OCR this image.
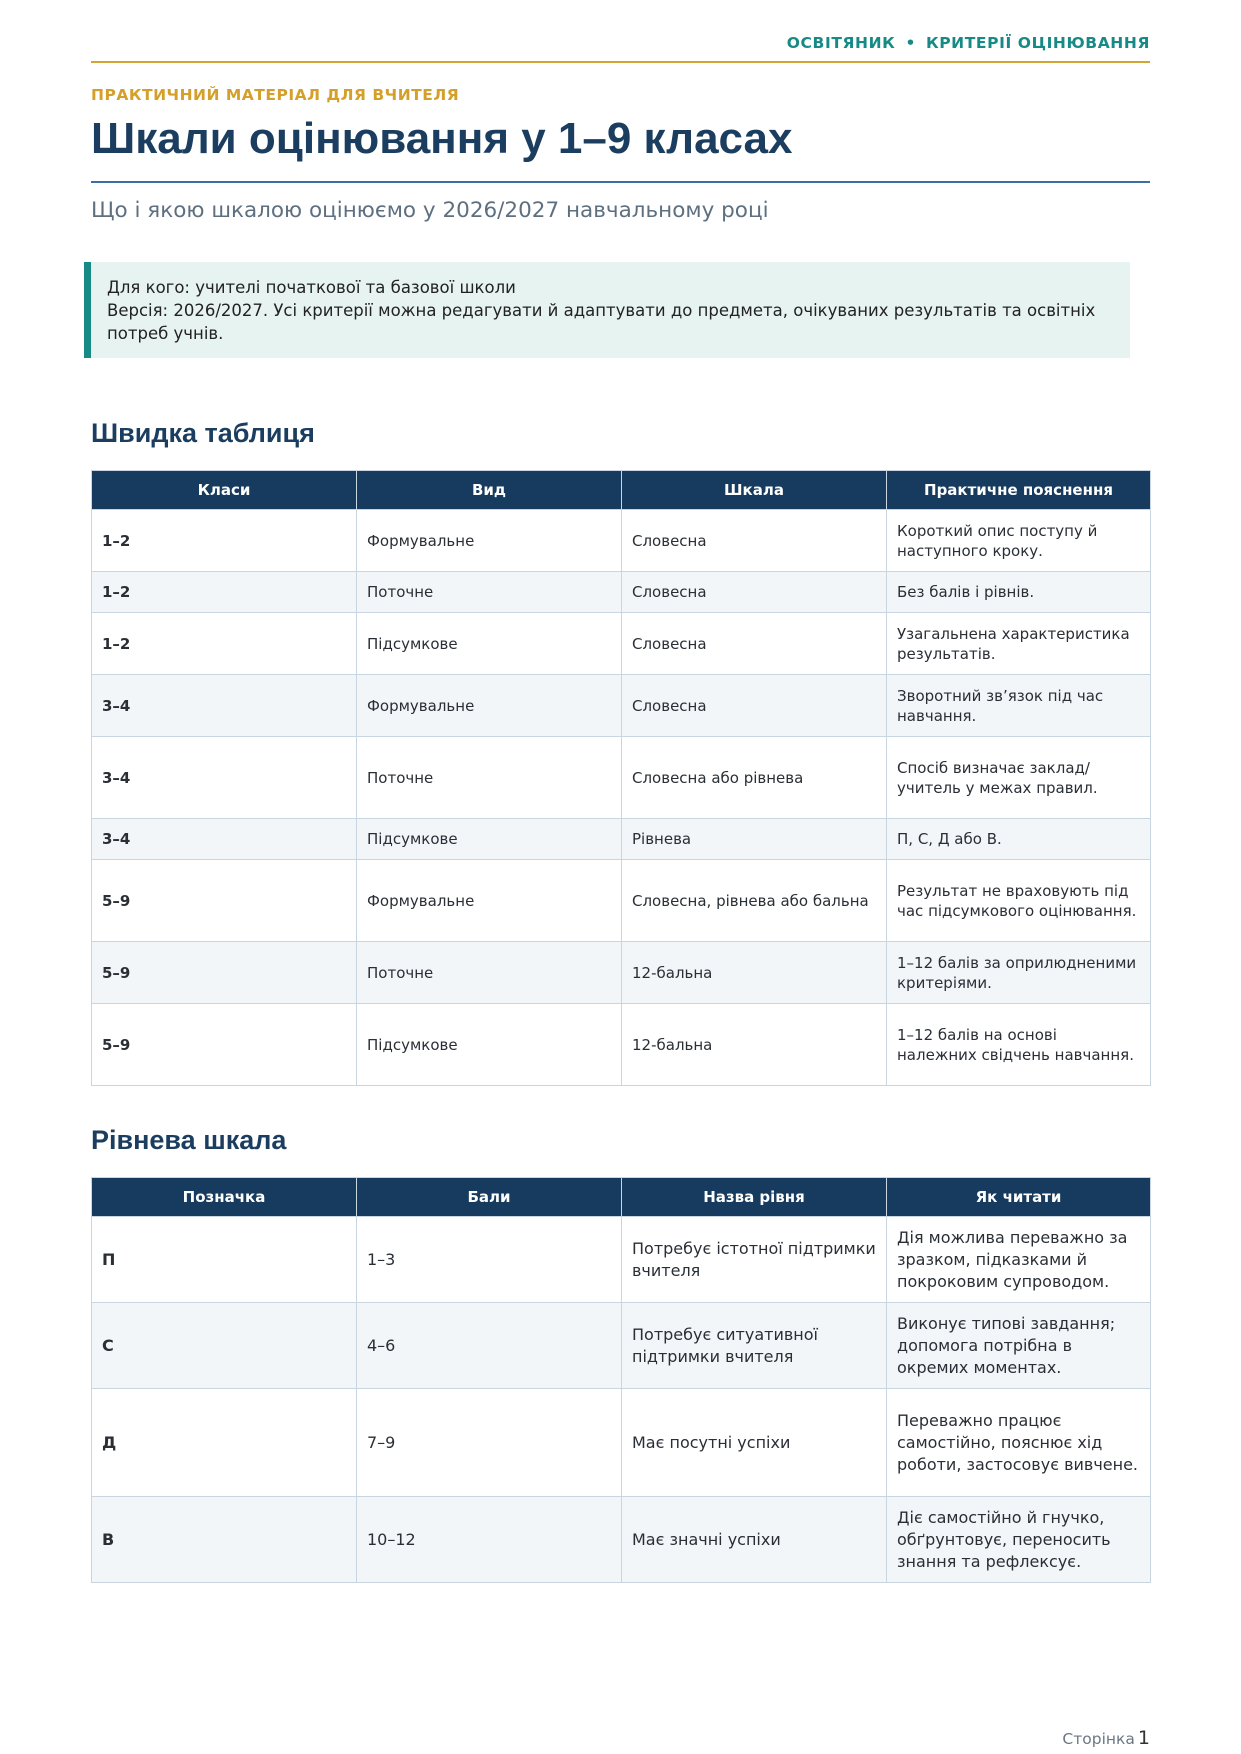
ОСВІТЯНИК • КРИТЕРІЇ ОЦІНЮВАННЯ
ПРАКТИЧНИЙ МАТЕРІАЛ ДЛЯ ВЧИТЕЛЯ
Шкали оцінювання у 1–9 класах
Що і якою шкалою оцінюємо у 2026/2027 навчальному році

Для кого: учителі початкової та базової школи

Версія: 2026/2027. Усі критерії можна редагувати й адаптувати до предмета, очікуваних результатів та освітніх потреб учнів.

Швидка таблиця
Класи	Вид	Шкала	Практичне пояснення
1–2	Формувальне	Словесна	Короткий опис поступу й наступного кроку.
1–2	Поточне	Словесна	Без балів і рівнів.
1–2	Підсумкове	Словесна	Узагальнена характеристика результатів.
3–4	Формувальне	Словесна	Зворотний зв’язок під час навчання.
3–4	Поточне	Словесна або рівнева	Спосіб визначає заклад/учитель у межах правил.
3–4	Підсумкове	Рівнева	П, С, Д або В.
5–9	Формувальне	Словесна, рівнева або бальна	Результат не враховують під час підсумкового оцінювання.
5–9	Поточне	12-бальна	1–12 балів за оприлюдненими критеріями.
5–9	Підсумкове	12-бальна	1–12 балів на основі належних свідчень навчання.
Рівнева шкала
Позначка	Бали	Назва рівня	Як читати
П	1–3	Потребує істотної підтримки вчителя	Дія можлива переважно за зразком, підказками й покроковим супроводом.
С	4–6	Потребує ситуативної підтримки вчителя	Виконує типові завдання; допомога потрібна в окремих моментах.
Д	7–9	Має посутні успіхи	Переважно працює самостійно, пояснює хід роботи, застосовує вивчене.
В	10–12	Має значні успіхи	Діє самостійно й гнучко, обґрунтовує, переносить знання та рефлексує.
Сторінка 1
